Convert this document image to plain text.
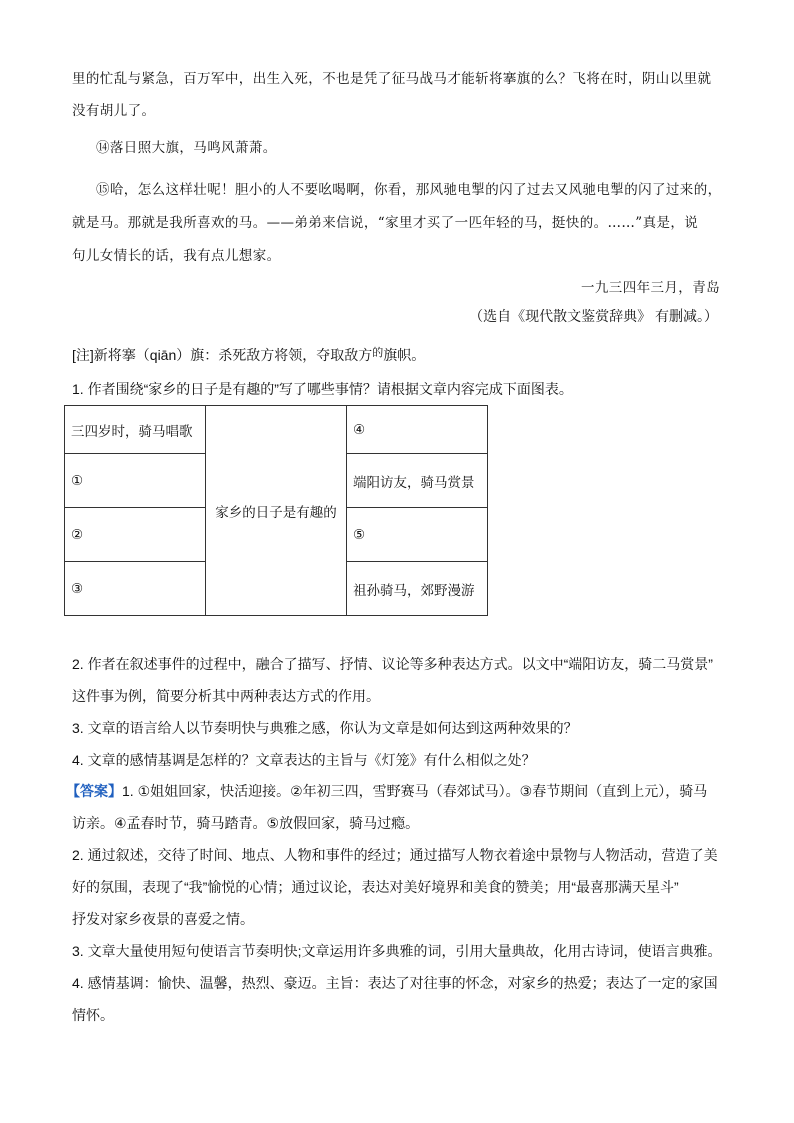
里的忙乱与紧急，百万军中，出生入死，不也是凭了征马战马才能斩将搴旗的么？飞将在时，阴山以里就
没有胡儿了。
⑭落日照大旗，马鸣风萧萧。
⑮哈，怎么这样壮呢！胆小的人不要吆喝啊，你看，那风驰电掣的闪了过去又风驰电掣的闪了过来的，
就是马。那就是我所喜欢的马。——弟弟来信说，“家里才买了一匹年轻的马，挺快的。……”真是，说
句儿女情长的话，我有点儿想家。
一九三四年三月，青岛
（选自《现代散文鉴赏辞典》 有删减。）
[注]新将搴（qiān）旗：杀死敌方将领，夺取敌方$^的$旗帜。
1. 作者围绕“家乡的日子是有趣的”写了哪些事情？请根据文章内容完成下面图表。
三四岁时，骑马唱歌	家乡的日子是有趣的	④
①		端阳访友，骑马赏景
②		⑤
③		祖孙骑马，郊野漫游
2. 作者在叙述事件的过程中，融合了描写、抒情、议论等多种表达方式。以文中“端阳访友，骑二马赏景”
这件事为例，简要分析其中两种表达方式的作用。
3. 文章的语言给人以节奏明快与典雅之感，你认为文章是如何达到这两种效果的？
4. 文章的感情基调是怎样的？文章表达的主旨与《灯笼》有什么相似之处？
【答案】1. ①姐姐回家，快活迎接。②年初三四，雪野赛马（春郊试马）。③春节期间（直到上元），骑马
访亲。④孟春时节，骑马踏青。⑤放假回家，骑马过瘾。
2. 通过叙述，交待了时间、地点、人物和事件的经过；通过描写人物衣着途中景物与人物活动，营造了美
好的氛围，表现了“我”愉悦的心情；通过议论，表达对美好境界和美食的赞美；用“最喜那满天星斗”
抒发对家乡夜景的喜爱之情。
3. 文章大量使用短句使语言节奏明快;文章运用许多典雅的词，引用大量典故，化用古诗词，使语言典雅。
4. 感情基调：愉快、温馨，热烈、豪迈。主旨：表达了对往事的怀念，对家乡的热爱；表达了一定的家国
情怀。
